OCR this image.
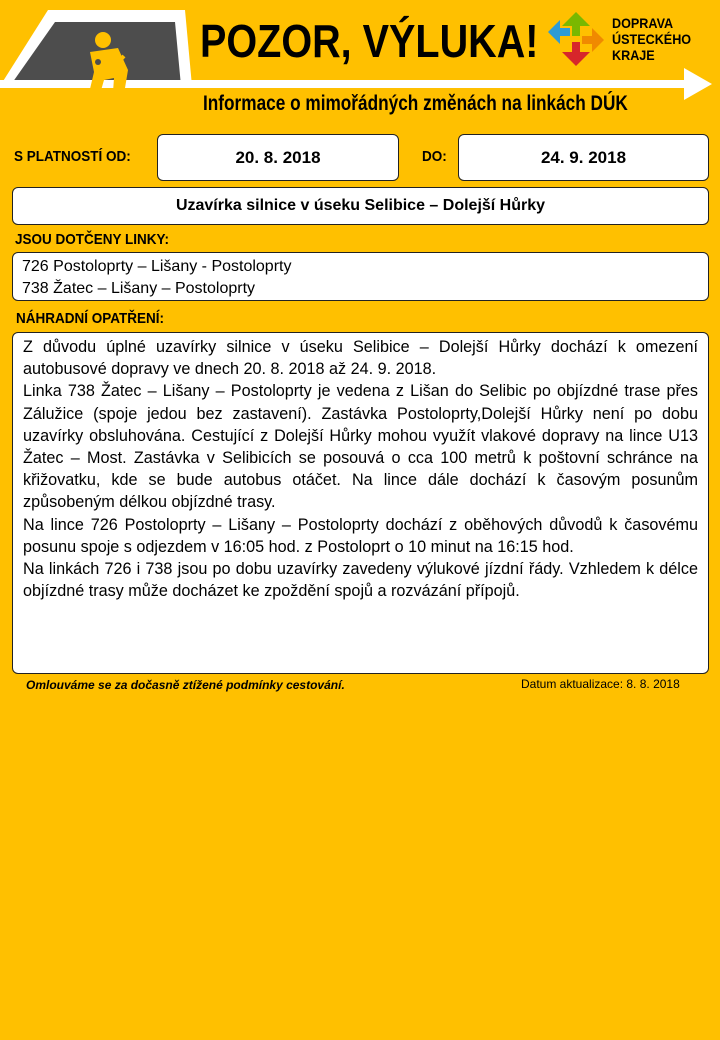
POZOR, VÝLUKA!
Informace o mimořádných změnách na linkách DÚK
DOPRAVA
ÚSTECKÉHO
KRAJE
S PLATNOSTÍ OD:	20. 8. 2018	DO:	24. 9. 2018
Uzavírka silnice v úseku Selibice – Dolejší Hůrky
JSOU DOTČENY LINKY:
726 Postoloprty – Lišany - Postoloprty
738 Žatec – Lišany – Postoloprty
NÁHRADNÍ OPATŘENÍ:

Z důvodu úplné uzavírky silnice v úseku Selibice – Dolejší Hůrky dochází k omezení autobusové dopravy ve dnech 20. 8. 2018 až 24. 9. 2018.

Linka 738 Žatec – Lišany – Postoloprty je vedena z Lišan do Selibic po objízdné trase přes Zálužice (spoje jedou bez zastavení). Zastávka Postoloprty,Dolejší Hůrky není po dobu uzavírky obsluhována. Cestující z Dolejší Hůrky mohou využít vlakové dopravy na lince U13 Žatec – Most. Zastávka v Selibicích se posouvá o cca 100 metrů k poštovní schránce na křižovatku, kde se bude autobus otáčet. Na lince dále dochází k časovým posunům způsobeným délkou objízdné trasy.

Na lince 726 Postoloprty – Lišany – Postoloprty dochází z oběhových důvodů k časovému posunu spoje s odjezdem v 16:05 hod. z Postoloprt o 10 minut na 16:15 hod.

Na linkách 726 i 738 jsou po dobu uzavírky zavedeny výlukové jízdní řády. Vzhledem k délce objízdné trasy může docházet ke zpoždění spojů a rozvázání přípojů.

Omlouváme se za dočasně ztížené podmínky cestování.	Datum aktualizace: 8. 8. 2018
